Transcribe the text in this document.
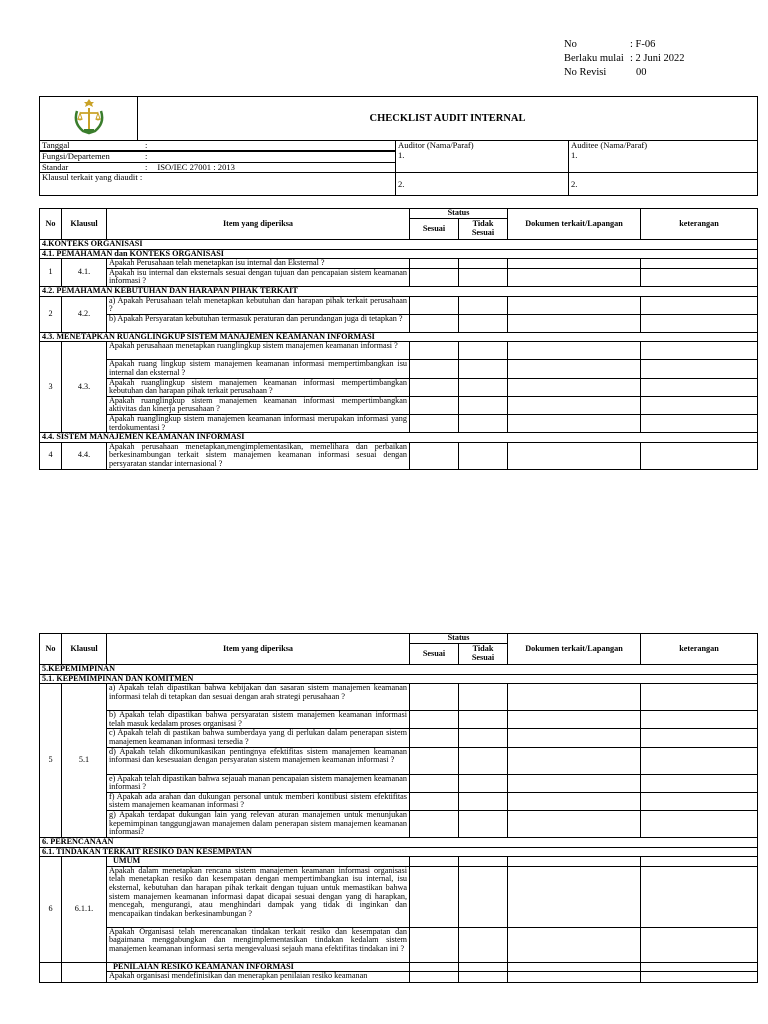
No	: F-06
Berlaku mulai : 2 Juni 2022
No Revisi	00
	CHECKLIST AUDIT INTERNAL		

Tanggal :		Auditor (Nama/Paraf)	Auditee (Nama/Paraf)

Fungsi/Departemen :
Standar : ISO/IEC 27001 : 2013		1.	1.
Klausul terkait yang diaudit :		2.	2.
No	Klausul	Item yang diperiksa	Status		Dokumen terkait/Lapangan	keterangan
			Sesuai	Tidak Sesuai		
4.KONTEKS ORGANISASI						
4.1. PEMAHAMAN dan KONTEKS ORGANISASI						
1	4.1.	Apakah Perusahaan telah menetapkan isu internal dan Eksternal ?				
		Apakah isu internal dan eksternals sesuai dengan tujuan dan pencapaian sistem keamanan informasi ?				
4.2. PEMAHAMAN KEBUTUHAN DAN HARAPAN PIHAK TERKAIT						
2	4.2.	a) Apakah Perusahaan telah menetapkan kebutuhan dan harapan pihak terkait perusahaan ?				
		b) Apakah Persyaratan kebutuhan termasuk peraturan dan perundangan juga di tetapkan ?				
4.3. MENETAPKAN RUANGLINGKUP SISTEM MANAJEMEN KEAMANAN INFORMASI						
3	4.3.	Apakah perusahaan menetapkan ruanglingkup sistem manajemen keamanan informasi ?				
		Apakah ruang lingkup sistem manajemen keamanan informasi mempertimbangkan isu internal dan eksternal ?				
		Apakah ruanglingkup sistem manajemen keamanan informasi mempertimbangkan kebutuhan dan harapan pihak terkait perusahaan ?				
		Apakah ruanglingkup sistem manajemen keamanan informasi mempertimbangkan aktivitas dan kinerja perusahaan ?				
		Apakah ruanglingkup sistem manajemen keamanan informasi merupakan informasi yang terdokumentasi ?				
4.4. SISTEM MANAJEMEN KEAMANAN INFORMASI						
4	4.4.	Apakah perusahaan menetapkan,mengimplementasikan, memelihara dan perbaikan berkesinambungan terkait sistem manajemen keamanan informasi sesuai dengan persyaratan standar internasional ?				
No	Klausul	Item yang diperiksa	Status		Dokumen terkait/Lapangan	keterangan
			Sesuai	Tidak Sesuai		
5.KEPEMIMPINAN						
5.1. KEPEMIMPINAN DAN KOMITMEN						
5	5.1	a) Apakah telah dipastikan bahwa kebijakan dan sasaran sistem manajemen keamanan informasi telah di tetapkan dan sesuai dengan arah strategi perusahaan ?				
		b) Apakah telah dipastikan bahwa persyaratan sistem manajemen keamanan informasi telah masuk kedalam proses organisasi ?				
		c) Apakah telah di pastikan bahwa sumberdaya yang di perlukan dalam penerapan sistem manajemen keamanan informasi tersedia ?				
		d) Apakah telah dikomunikasikan pentingnya efektifitas sistem manajemen keamanan informasi dan kesesuaian dengan persyaratan sistem manajemen keamanan informasi ?				
		e) Apakah telah dipastikan bahwa sejauah manan pencapaian sistem manajemen keamanan informasi ?				
		f) Apakah ada arahan dan dukungan personal untuk memberi kontibusi sistem efektifitas sistem manajemen keamanan informasi ?				
		g) Apakah terdapat dukungan lain yang relevan aturan manajemen untuk menunjukan kepemimpinan tanggungjawan manajemen dalam penerapan sistem manajemen keamanan informasi?				
6. PERENCANAAN						
6.1. TINDAKAN TERKAIT RESIKO DAN KESEMPATAN						
6	6.1.1.	UMUM				
		Apakah dalam menetapkan rencana sistem manajemen keamanan informasi organisasi telah menetapkan resiko dan kesempatan dengan mempertimbangkan isu internal, isu eksternal, kebutuhan dan harapan pihak terkait dengan tujuan untuk memastikan bahwa sistem manajemen keamanan informasi dapat dicapai sesuai dengan yang di harapkan, mencegah, mengurangi, atau menghindari dampak yang tidak di inginkan dan mencapaikan tindakan berkesinambungan ?				
		Apakah Organisasi telah merencanakan tindakan terkait resiko dan kesempatan dan bagaimana menggabungkan dan mengimplementasikan tindakan kedalam sistem manajemen keamanan informasi serta mengevaluasi sejauh mana efektifitas tindakan ini ?				
		PENILAIAN RESIKO KEAMANAN INFORMASI				
		Apakah organisasi mendefinisikan dan menerapkan penilaian resiko keamanan				
